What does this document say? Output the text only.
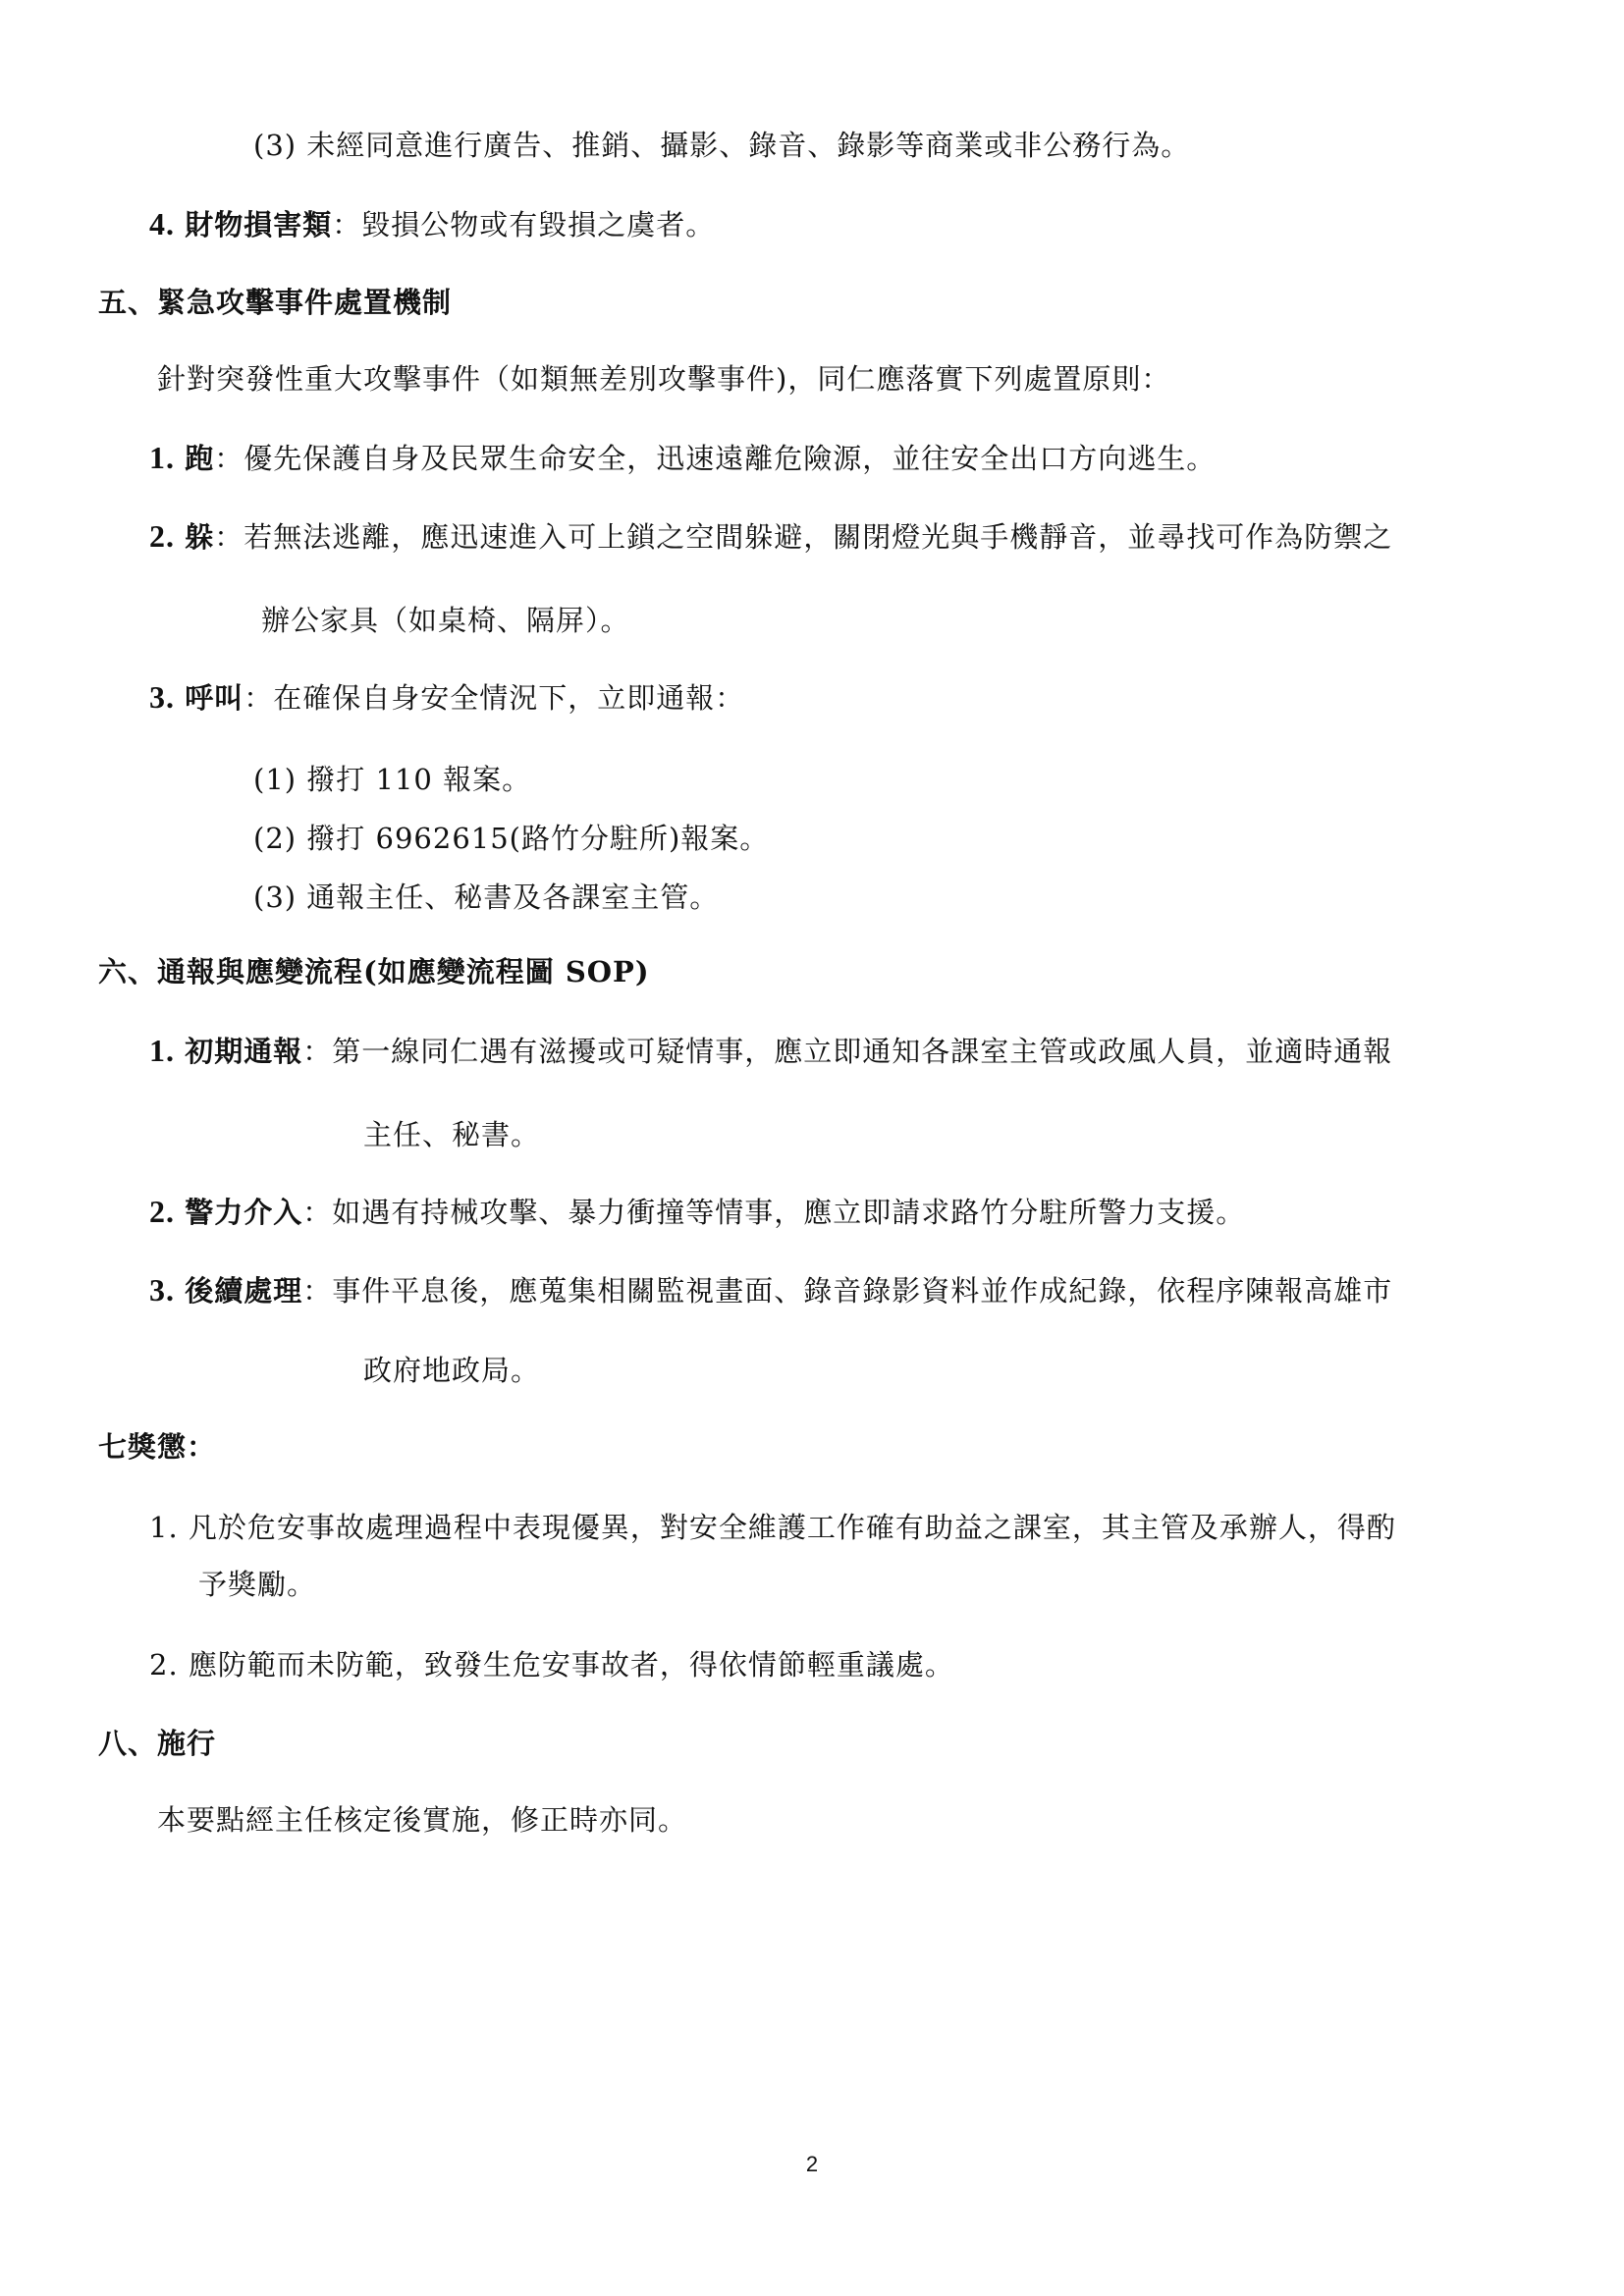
(3) 未經同意進行廣告、推銷、攝影、錄音、錄影等商業或非公務行為。
4. 財物損害類：毀損公物或有毀損之虞者。
五、緊急攻擊事件處置機制
針對突發性重大攻擊事件（如類無差別攻擊事件)，同仁應落實下列處置原則：
1. 跑：優先保護自身及民眾生命安全，迅速遠離危險源，並往安全出口方向逃生。
2. 躲：若無法逃離，應迅速進入可上鎖之空間躲避，關閉燈光與手機靜音，並尋找可作為防禦之
辦公家具（如桌椅、隔屏）。
3. 呼叫：在確保自身安全情況下，立即通報：
(1) 撥打 110 報案。
(2) 撥打 6962615(路竹分駐所)報案。
(3) 通報主任、秘書及各課室主管。
六、通報與應變流程(如應變流程圖 SOP)
1. 初期通報：第一線同仁遇有滋擾或可疑情事，應立即通知各課室主管或政風人員，並適時通報
主任、秘書。
2. 警力介入：如遇有持械攻擊、暴力衝撞等情事，應立即請求路竹分駐所警力支援。
3. 後續處理：事件平息後，應蒐集相關監視畫面、錄音錄影資料並作成紀錄，依程序陳報高雄市
政府地政局。
七獎懲：
1. 凡於危安事故處理過程中表現優異，對安全維護工作確有助益之課室，其主管及承辦人，得酌
予獎勵。
2. 應防範而未防範，致發生危安事故者，得依情節輕重議處。
八、施行
本要點經主任核定後實施，修正時亦同。
2
